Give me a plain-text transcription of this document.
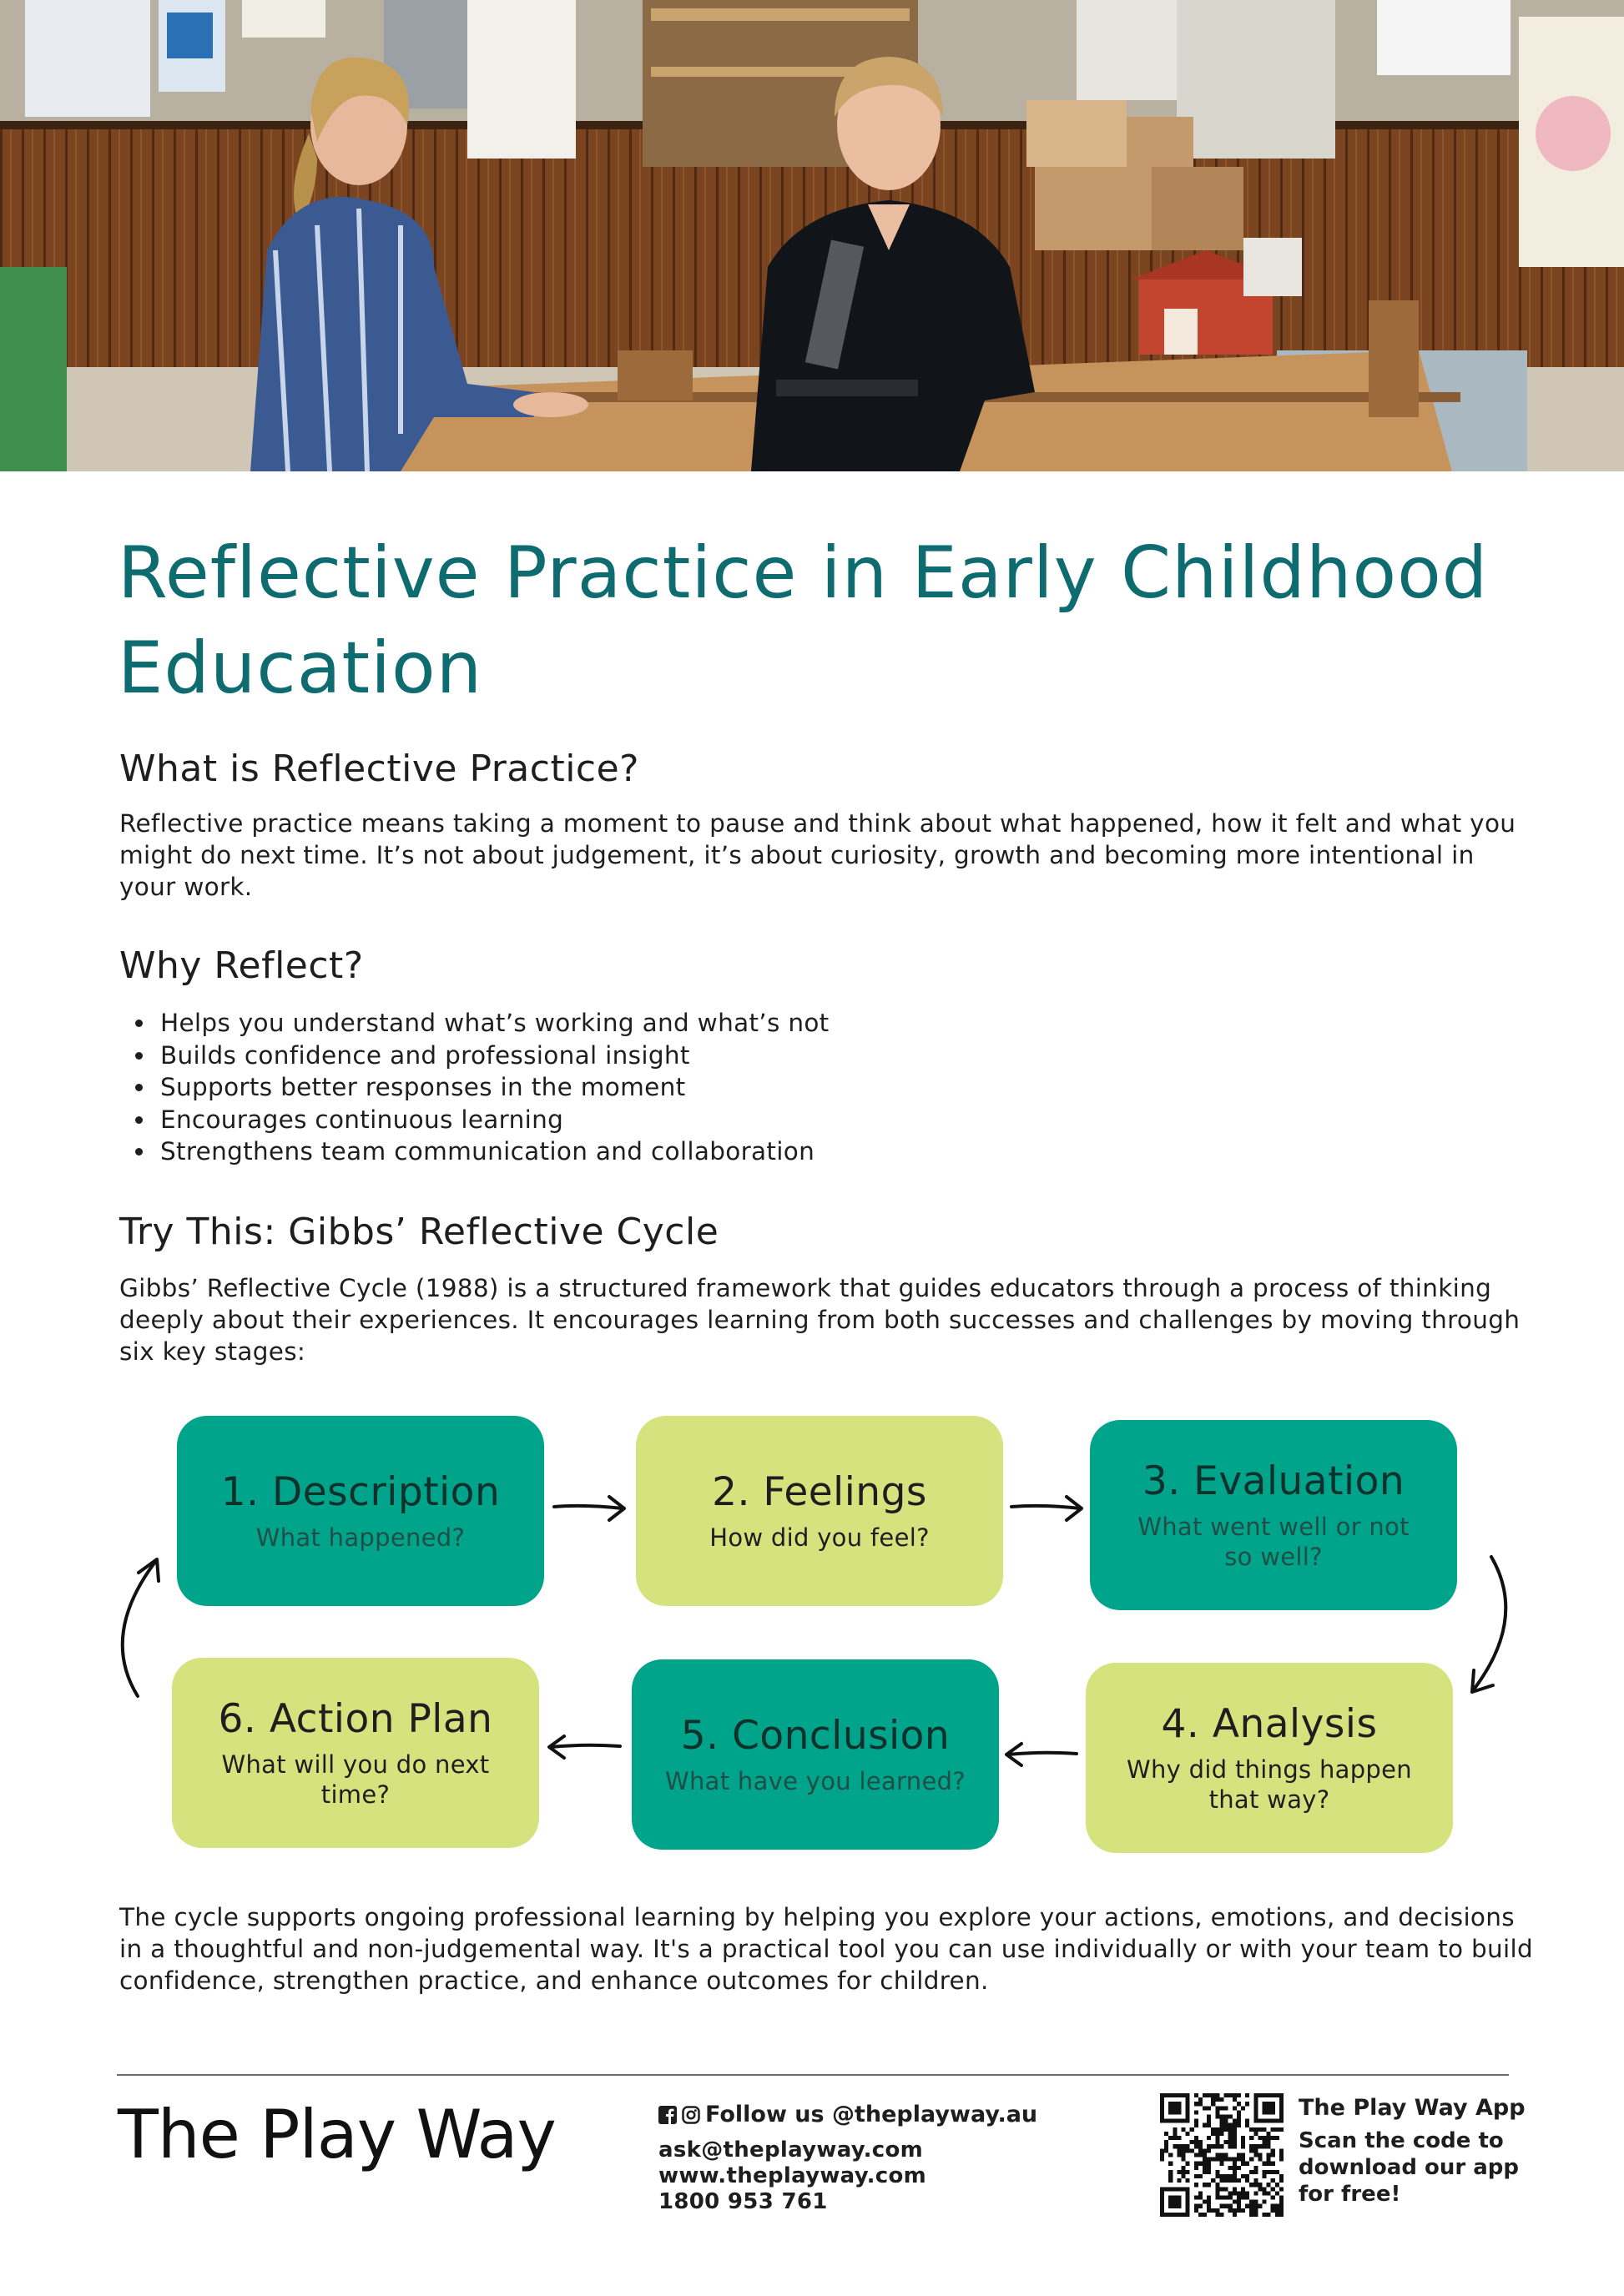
Reflective Practice in Early Childhood Education
What is Reflective Practice?

Reflective practice means taking a moment to pause and think about what happened, how it felt and what you might do next time. It’s not about judgement, it’s about curiosity, growth and becoming more intentional in your work.

Why Reflect?
Helps you understand what’s working and what’s not
Builds confidence and professional insight
Supports better responses in the moment
Encourages continuous learning
Strengthens team communication and collaboration
Try This: Gibbs’ Reflective Cycle

Gibbs’ Reflective Cycle (1988) is a structured framework that guides educators through a process of thinking deeply about their experiences. It encourages learning from both successes and challenges by moving through six key stages:

1. Description
What happened?
2. Feelings
How did you feel?
3. Evaluation
What went well or not so well?
4. Analysis
Why did things happen that way?
5. Conclusion
What have you learned?
6. Action Plan
What will you do next time?

The cycle supports ongoing professional learning by helping you explore your actions, emotions, and decisions in a thoughtful and non-judgemental way. It's a practical tool you can use individually or with your team to build confidence, strengthen practice, and enhance outcomes for children.

The Play Way	Follow us @theplayway.au
ask@theplayway.com
www.theplayway.com
1800 953 761
The Play Way App
Scan the code to download our app for free!
